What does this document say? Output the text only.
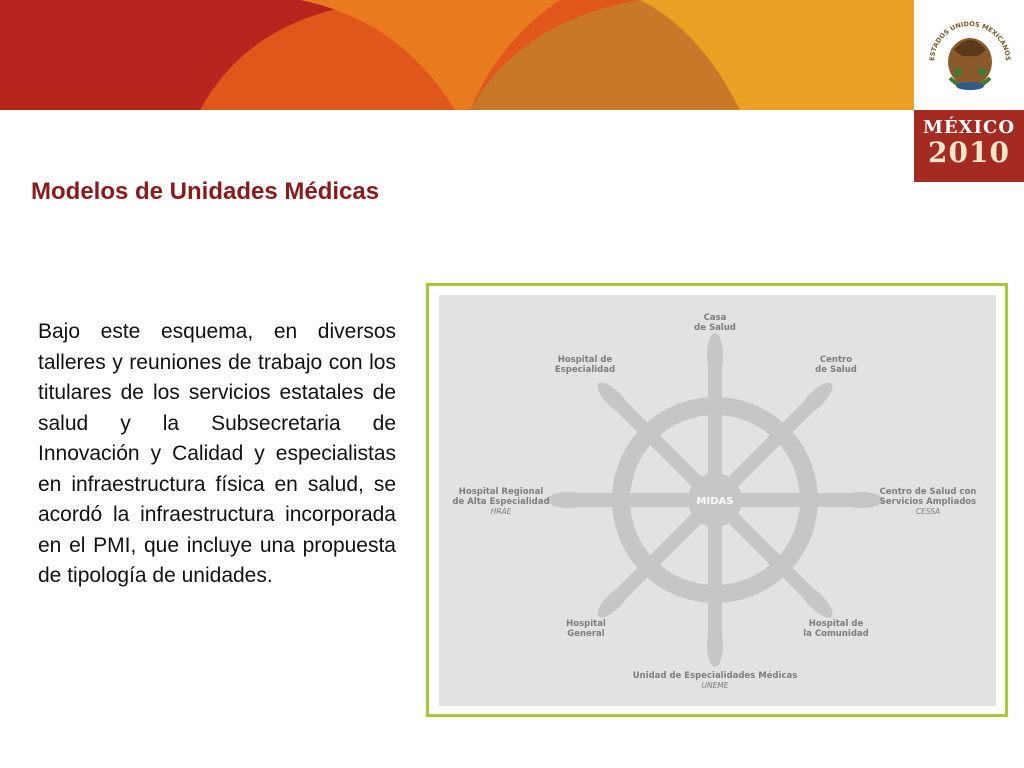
ESTADOS UNIDOS MEXICANOS
MÉXICO
2010
Modelos de Unidades Médicas

Bajo este esquema, en diversos talleres y reuniones de trabajo con los titulares de los servicios estatales de salud y la Subsecretaria de Innovación y Calidad y especialistas en infraestructura física en salud, se acordó la infraestructura incorporada en el PMI, que incluye una propuesta de tipología de unidades.

MIDAS
Casa
de Salud
Hospital de
Especialidad
Centro
de Salud
Hospital Regional
de Alta Especialidad
HRAE
Centro de Salud con
Servicios Ampliados
CESSA
Hospital
General
Hospital de
la Comunidad
Unidad de Especialidades Médicas
UNEME
